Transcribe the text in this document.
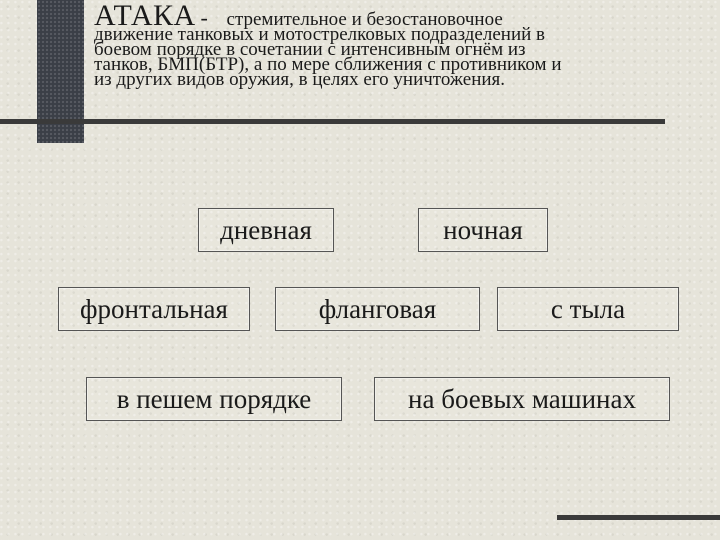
АТАКА - стремительное и безостановочное
движение танковых и мотострелковых подразделений в
боевом порядке в сочетании с интенсивным огнём из
танков, БМП(БТР), а по мере сближения с противником и
из других видов оружия, в целях его уничтожения.

дневная	ночная
фронтальная	фланговая	с тыла
в пешем порядке	на боевых машинах
